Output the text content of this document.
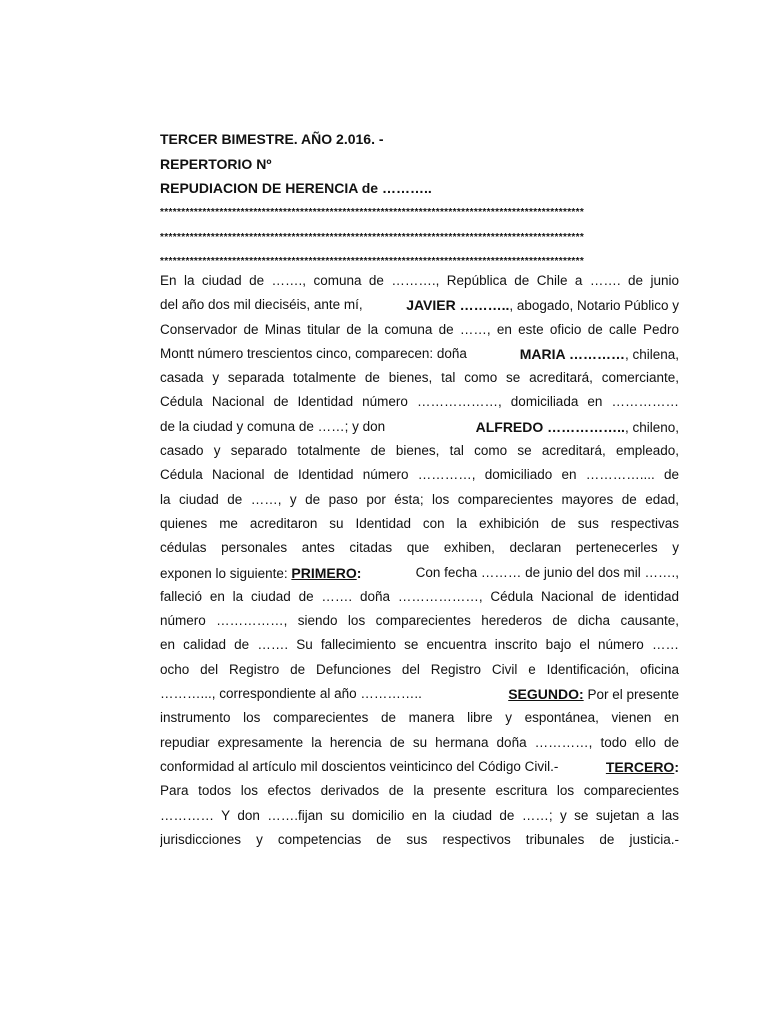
TERCER BIMESTRE. AÑO 2.016. -
REPERTORIO Nº
REPUDIACION DE HERENCIA de ………..
****************************************************************************************************
****************************************************************************************************
****************************************************************************************************
En la ciudad de ……., comuna de ………., República de Chile a ……. de junio
del año dos mil dieciséis, ante mí,	JAVIER ……….., abogado, Notario Público y
Conservador de Minas titular de la comuna de ……, en este oficio de calle Pedro
Montt número trescientos cinco, comparecen: doña	MARIA …………, chilena,
casada y separada totalmente de bienes, tal como se acreditará, comerciante,
Cédula Nacional de Identidad número ………………, domiciliada en ……………
de la ciudad y comuna de ……; y don	ALFREDO …………….., chileno,
casado y separado totalmente de bienes, tal como se acreditará, empleado,
Cédula Nacional de Identidad número …………, domiciliado en ………….... de
la ciudad de ……, y de paso por ésta; los comparecientes mayores de edad,
quienes me acreditaron su Identidad con la exhibición de sus respectivas
cédulas personales antes citadas que exhiben, declaran pertenecerles y
exponen lo siguiente: PRIMERO:	Con fecha ……… de junio del dos mil …….,
falleció en la ciudad de ……. doña ………………, Cédula Nacional de identidad
número ……………, siendo los comparecientes herederos de dicha causante,
en calidad de ……. Su fallecimiento se encuentra inscrito bajo el número ……
ocho del Registro de Defunciones del Registro Civil e Identificación, oficina
………..., correspondiente al año …………..	SEGUNDO: Por el presente
instrumento los comparecientes de manera libre y espontánea, vienen en
repudiar expresamente la herencia de su hermana doña …………, todo ello de
conformidad al artículo mil doscientos veinticinco del Código Civil.-	TERCERO:
Para todos los efectos derivados de la presente escritura los comparecientes
………… Y don …….fijan su domicilio en la ciudad de ……; y se sujetan a las
jurisdicciones y competencias de sus respectivos tribunales de justicia.-
